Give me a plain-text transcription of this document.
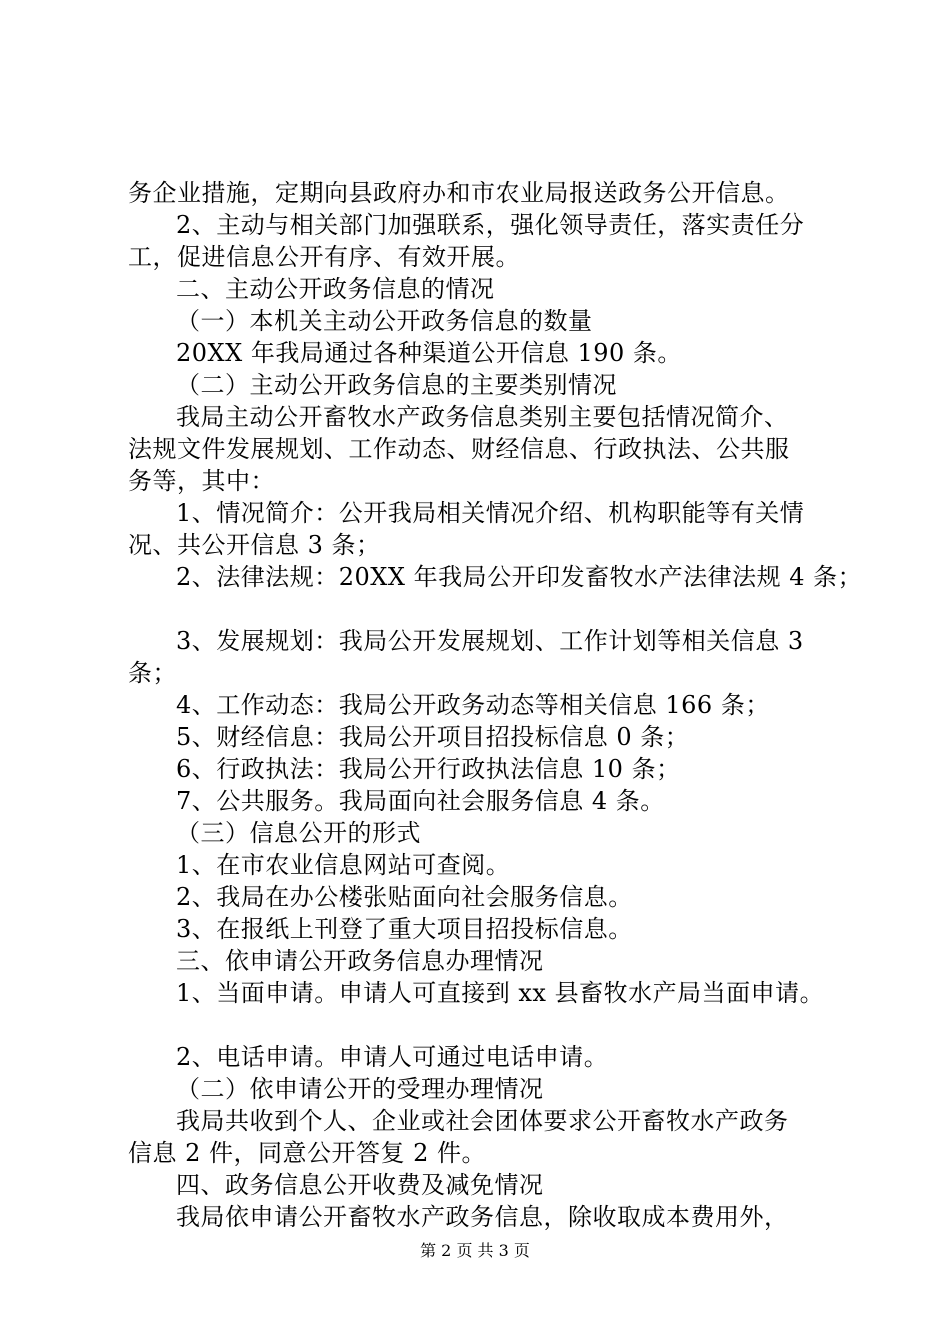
务企业措施，定期向县政府办和市农业局报送政务公开信息。
2、主动与相关部门加强联系，强化领导责任，落实责任分
工，促进信息公开有序、有效开展。
二、主动公开政务信息的情况
（一）本机关主动公开政务信息的数量
20XX 年我局通过各种渠道公开信息 190 条。
（二）主动公开政务信息的主要类别情况
我局主动公开畜牧水产政务信息类别主要包括情况简介、
法规文件发展规划、工作动态、财经信息、行政执法、公共服
务等，其中：
1、情况简介：公开我局相关情况介绍、机构职能等有关情
况、共公开信息 3 条；
2、法律法规：20XX 年我局公开印发畜牧水产法律法规 4 条；
3、发展规划：我局公开发展规划、工作计划等相关信息 3
条；
4、工作动态：我局公开政务动态等相关信息 166 条；
5、财经信息：我局公开项目招投标信息 0 条；
6、行政执法：我局公开行政执法信息 10 条；
7、公共服务。我局面向社会服务信息 4 条。
（三）信息公开的形式
1、在市农业信息网站可查阅。
2、我局在办公楼张贴面向社会服务信息。
3、在报纸上刊登了重大项目招投标信息。
三、依申请公开政务信息办理情况
1、当面申请。申请人可直接到 xx 县畜牧水产局当面申请。
2、电话申请。申请人可通过电话申请。
（二）依申请公开的受理办理情况
我局共收到个人、企业或社会团体要求公开畜牧水产政务
信息 2 件，同意公开答复 2 件。
四、政务信息公开收费及减免情况
我局依申请公开畜牧水产政务信息，除收取成本费用外，
第 2 页 共 3 页
